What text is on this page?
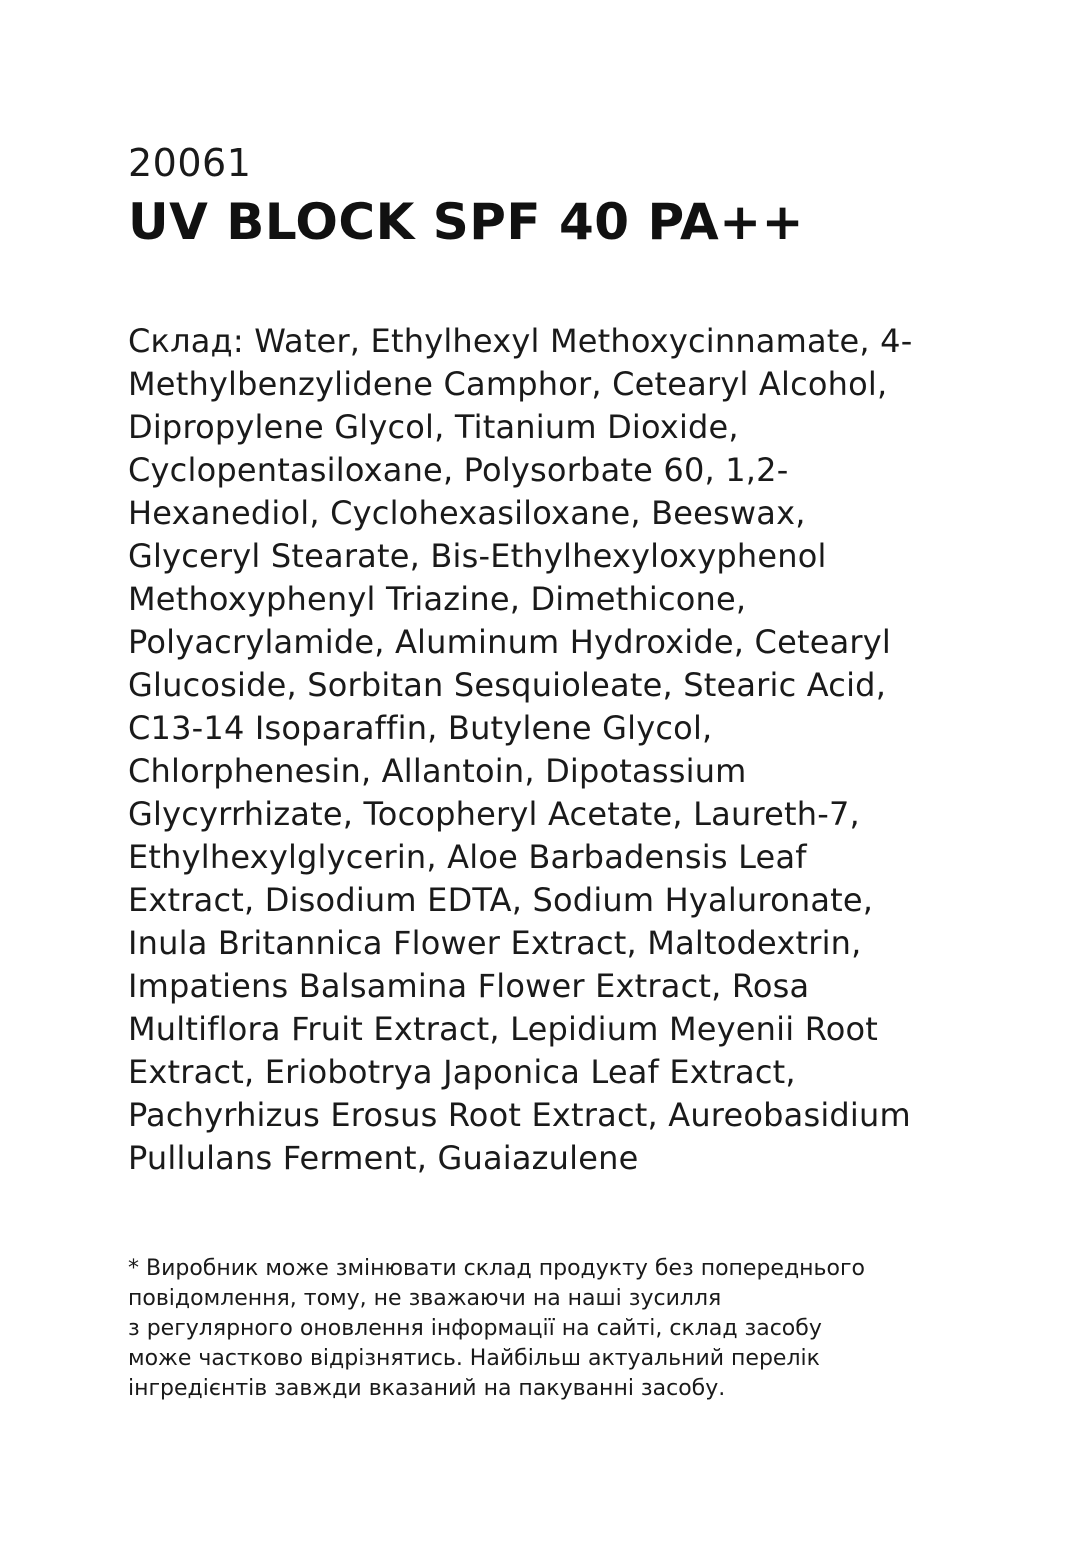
20061
UV BLOCK SPF 40 PA++
Склад: Water, Ethylhexyl Methoxycinnamate, 4-
Methylbenzylidene Camphor, Cetearyl Alcohol,
Dipropylene Glycol, Titanium Dioxide,
Cyclopentasiloxane, Polysorbate 60, 1,2-
Hexanediol, Cyclohexasiloxane, Beeswax,
Glyceryl Stearate, Bis-Ethylhexyloxyphenol
Methoxyphenyl Triazine, Dimethicone,
Polyacrylamide, Aluminum Hydroxide, Cetearyl
Glucoside, Sorbitan Sesquioleate, Stearic Acid,
C13-14 Isoparaffin, Butylene Glycol,
Chlorphenesin, Allantoin, Dipotassium
Glycyrrhizate, Tocopheryl Acetate, Laureth-7,
Ethylhexylglycerin, Aloe Barbadensis Leaf
Extract, Disodium EDTA, Sodium Hyaluronate,
Inula Britannica Flower Extract, Maltodextrin,
Impatiens Balsamina Flower Extract, Rosa
Multiflora Fruit Extract, Lepidium Meyenii Root
Extract, Eriobotrya Japonica Leaf Extract,
Pachyrhizus Erosus Root Extract, Aureobasidium
Pullulans Ferment, Guaiazulene
* Виробник може змінювати склад продукту без попереднього
повідомлення, тому, не зважаючи на наші зусилля
з регулярного оновлення інформації на сайті, склад засобу
може частково відрізнятись. Найбільш актуальний перелік
інгредієнтів завжди вказаний на пакуванні засобу.
